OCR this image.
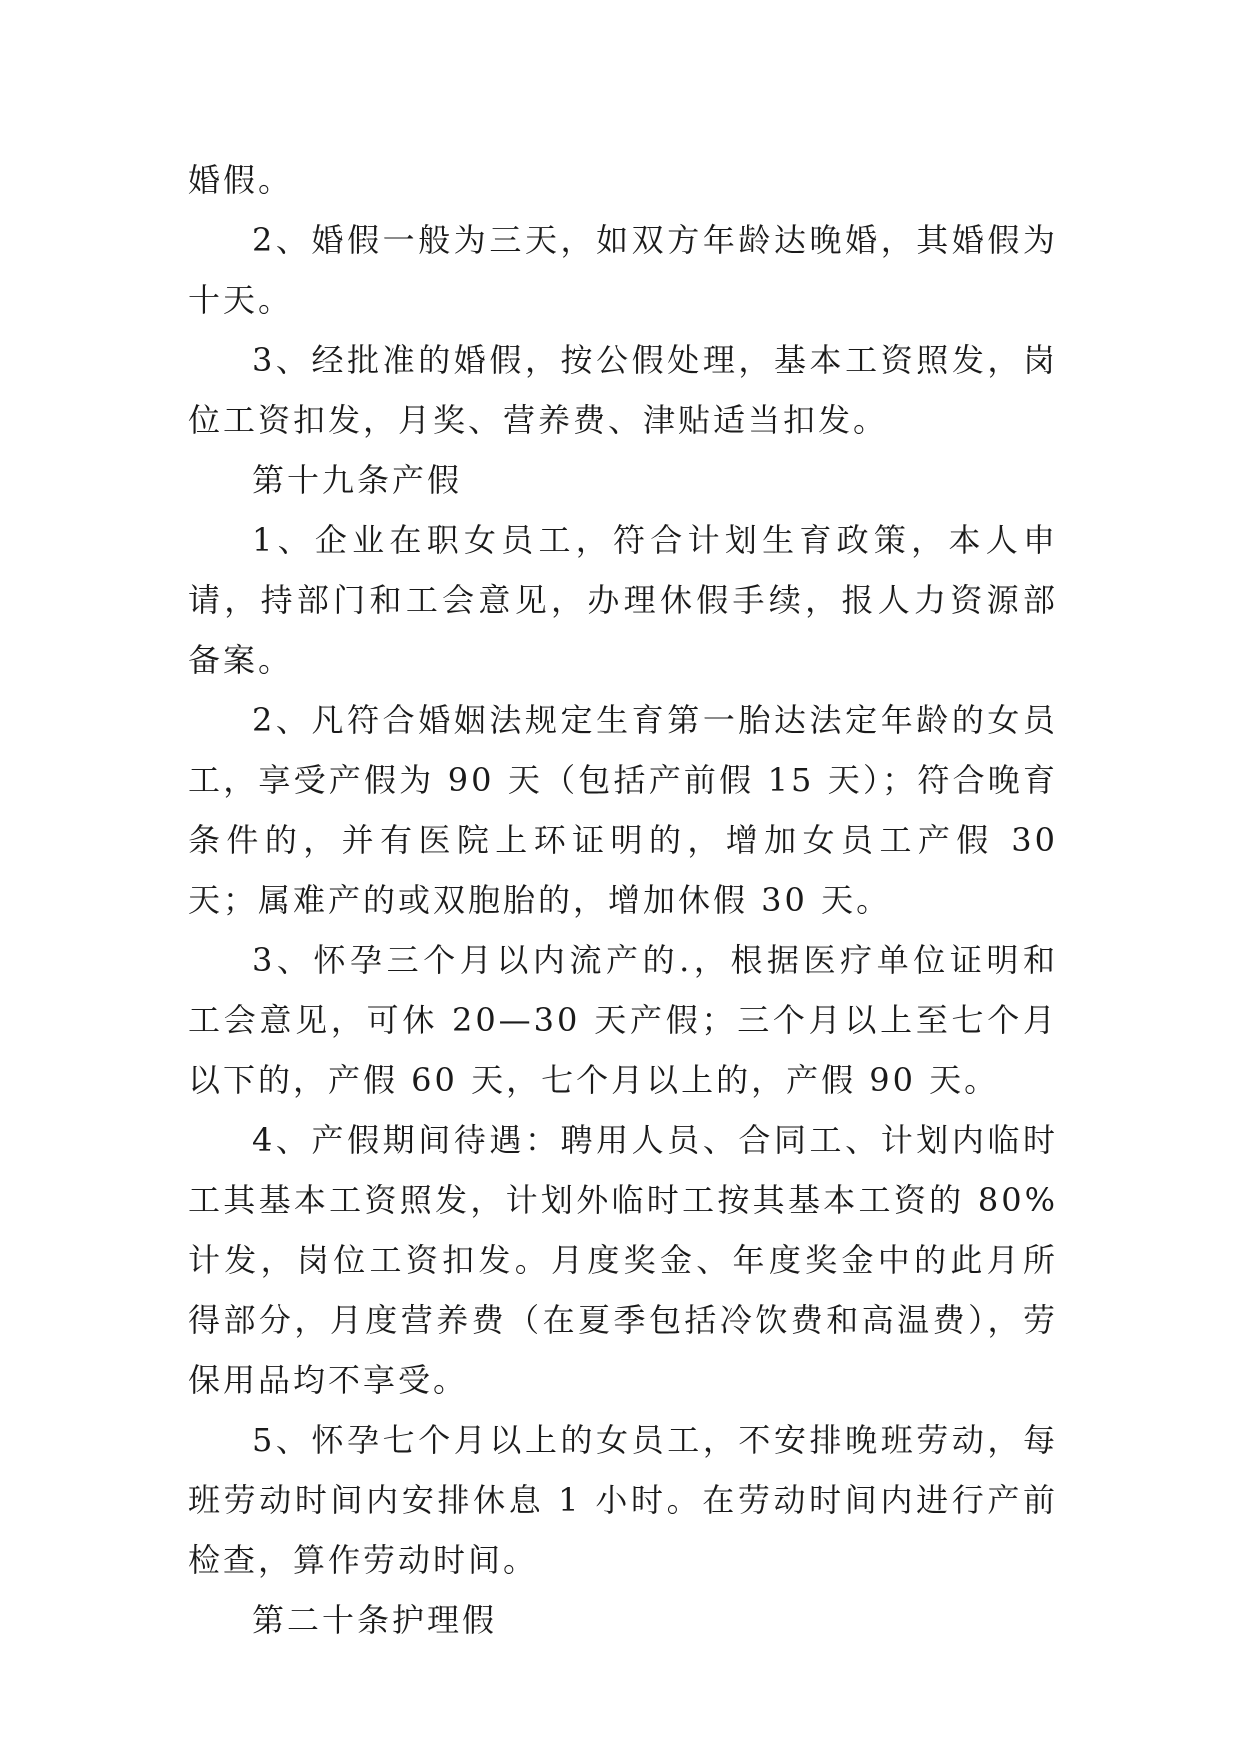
婚假。

2、婚假一般为三天，如双方年龄达晚婚，其婚假为十天。

3、经批准的婚假，按公假处理，基本工资照发，岗位工资扣发，月奖、营养费、津贴适当扣发。

第十九条产假

1、企业在职女员工，符合计划生育政策，本人申请，持部门和工会意见，办理休假手续，报人力资源部备案。

2、凡符合婚姻法规定生育第一胎达法定年龄的女员工，享受产假为 90 天（包括产前假 15 天）；符合晚育条件的，并有医院上环证明的，增加女员工产假 30 天；属难产的或双胞胎的，增加休假 30 天。

3、怀孕三个月以内流产的.，根据医疗单位证明和工会意见，可休 20—30 天产假；三个月以上至七个月以下的，产假 60 天，七个月以上的，产假 90 天。

4、产假期间待遇：聘用人员、合同工、计划内临时工其基本工资照发，计划外临时工按其基本工资的 80%计发，岗位工资扣发。月度奖金、年度奖金中的此月所得部分，月度营养费（在夏季包括冷饮费和高温费），劳保用品均不享受。

5、怀孕七个月以上的女员工，不安排晚班劳动，每班劳动时间内安排休息 1 小时。在劳动时间内进行产前检查，算作劳动时间。

第二十条护理假
